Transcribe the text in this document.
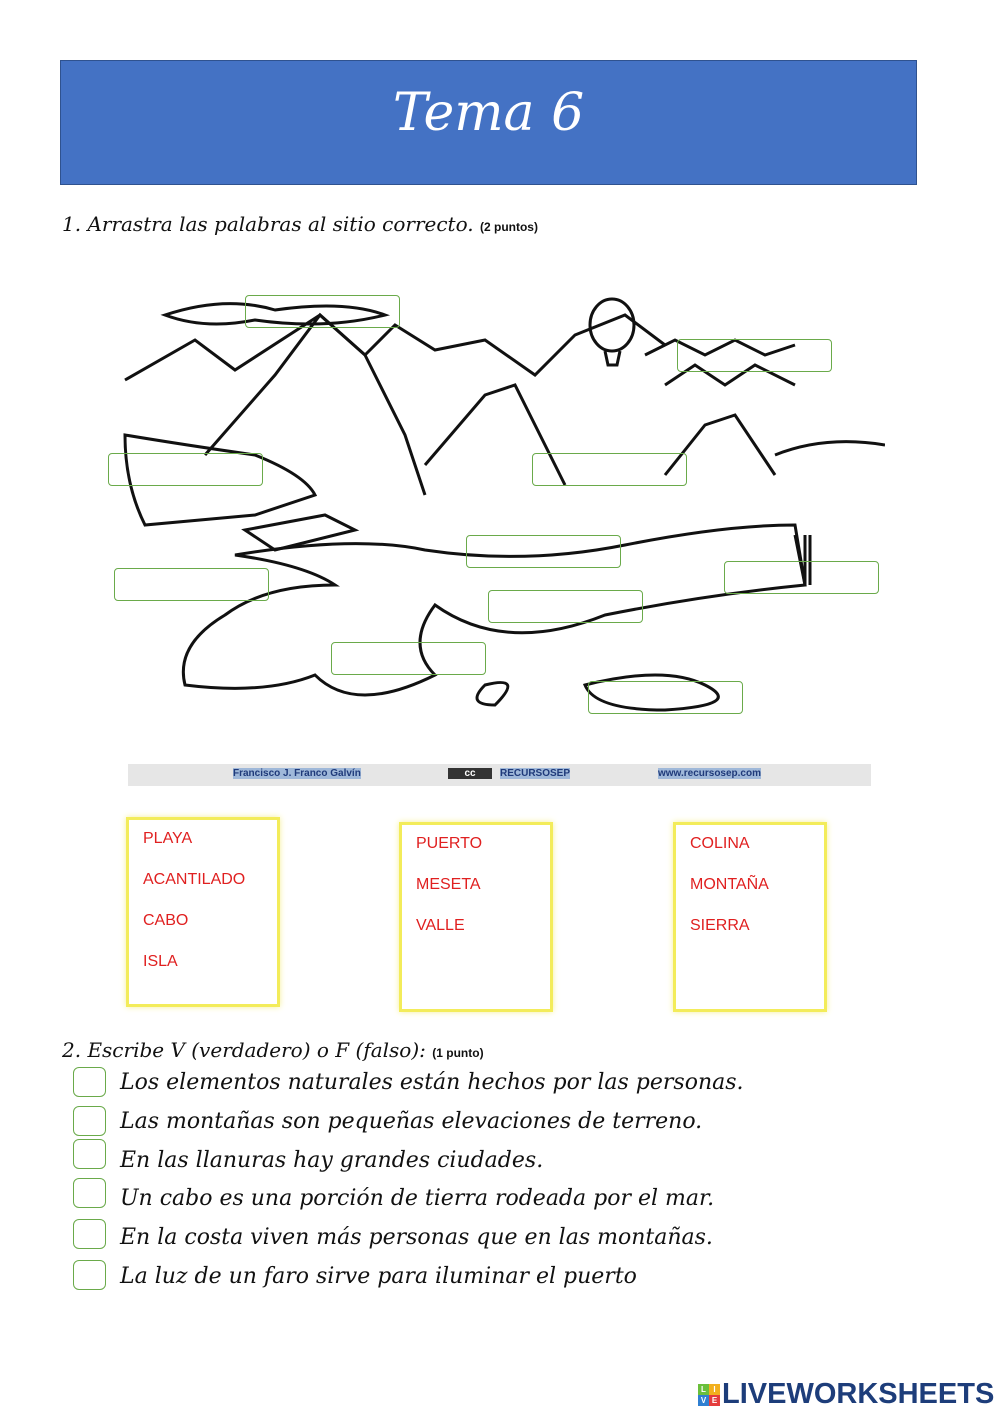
Tema 6
1. Arrastra las palabras al sitio correcto. (2 puntos)
Francisco J. Franco Galvín	cc	RECURSOSEP	www.recursosep.com
PLAYA
ACANTILADO
CABO
ISLA
PUERTO
MESETA
VALLE
COLINA
MONTAÑA
SIERRA
2. Escribe V (verdadero) o F (falso): (1 punto)
Los elementos naturales están hechos por las personas.
Las montañas son pequeñas elevaciones de terreno.
En las llanuras hay grandes ciudades.
Un cabo es una porción de tierra rodeada por el mar.
En la costa viven más personas que en las montañas.
La luz de un faro sirve para iluminar el puerto
L IV E LIVEWORKSHEETS
